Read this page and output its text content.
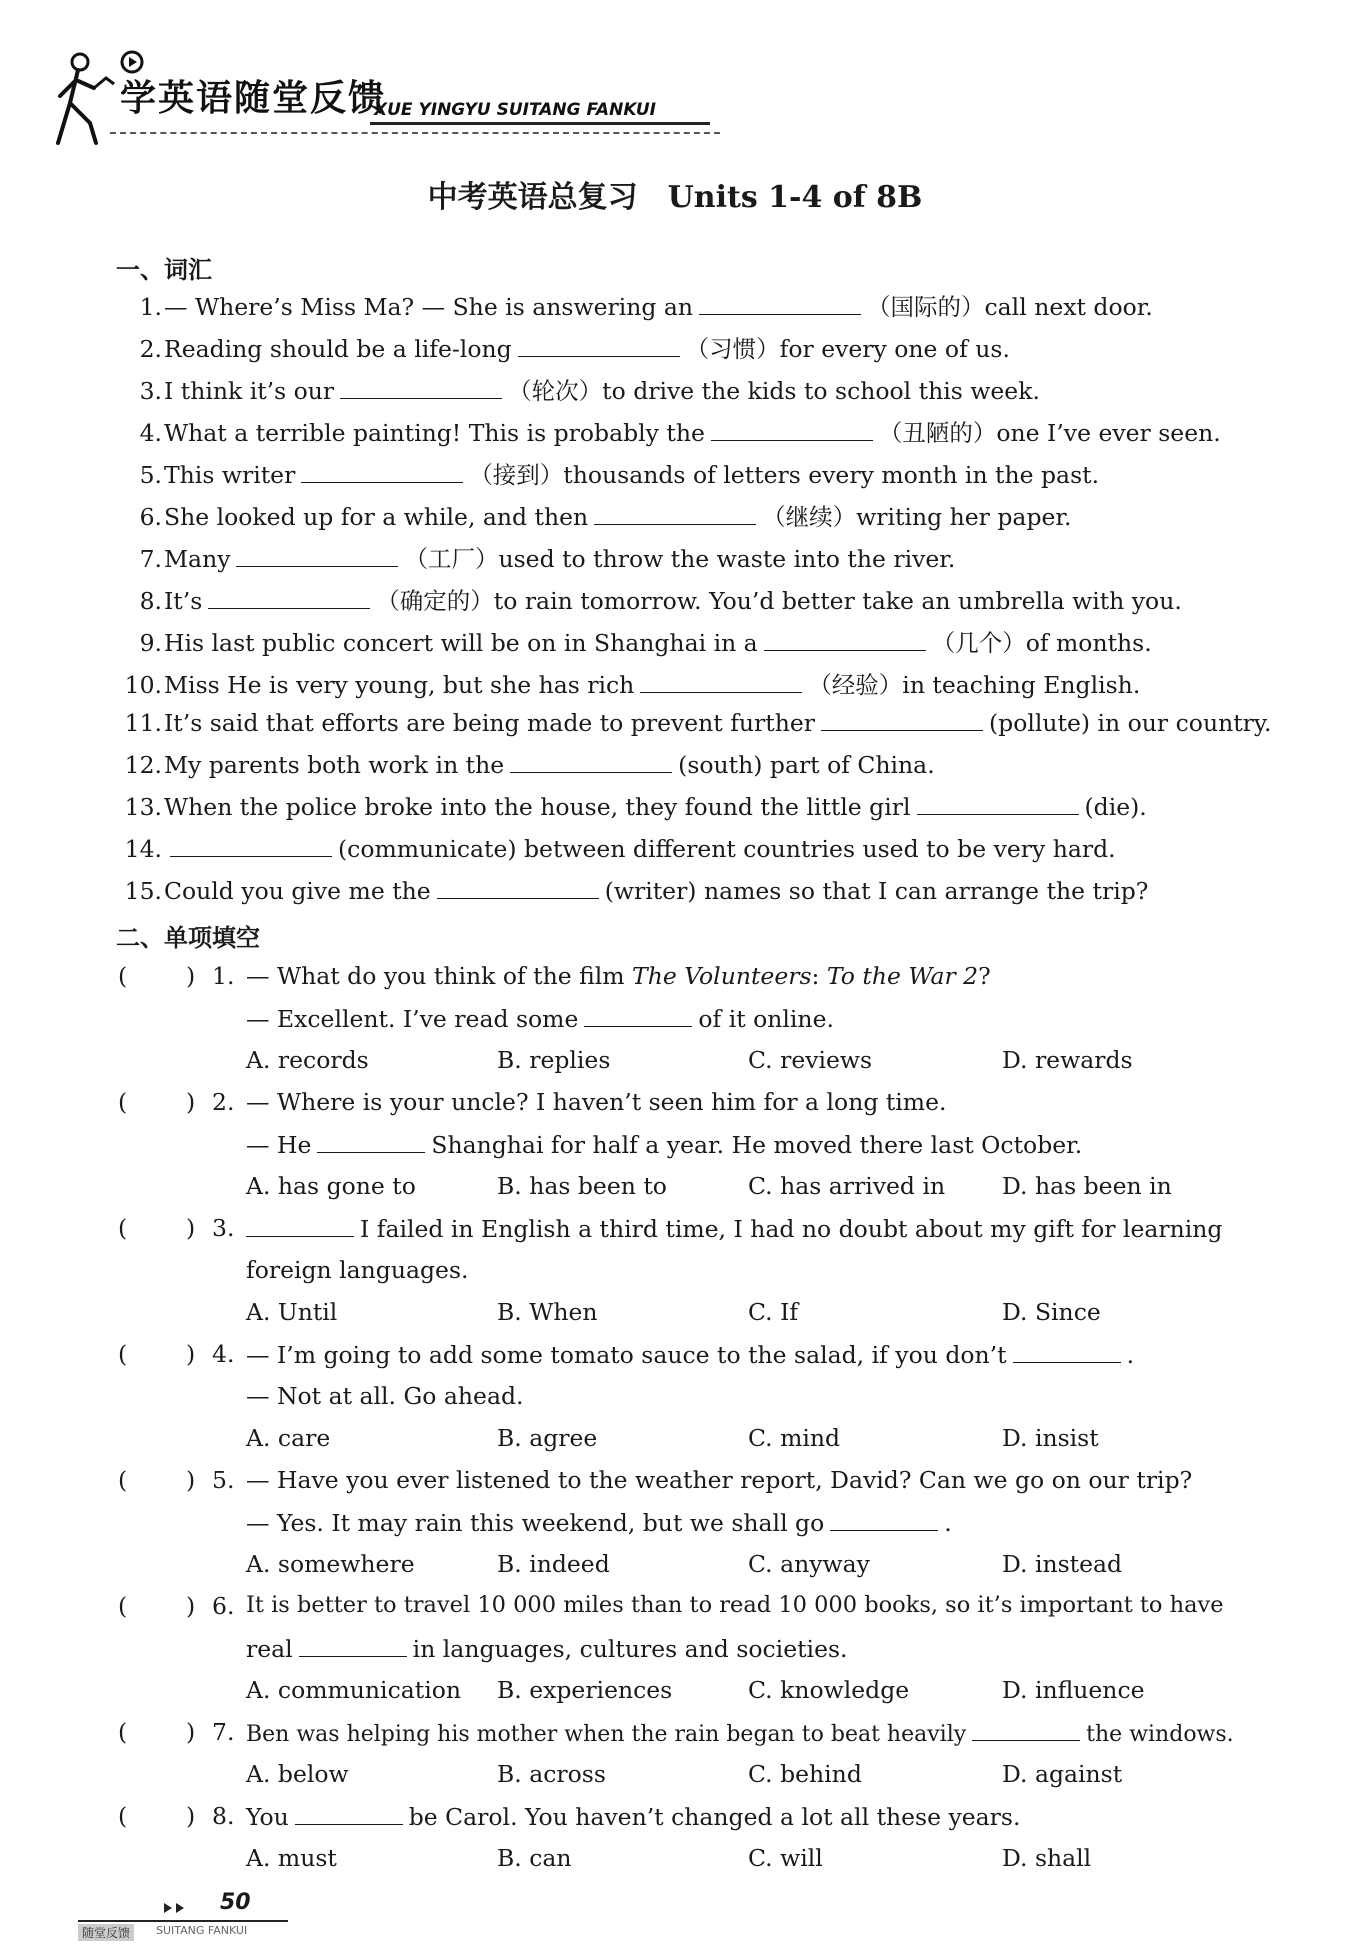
学英语随堂反馈
XUE YINGYU SUITANG FANKUI
中考英语总复习　Units 1-4 of 8B
一、词汇
1.— Where’s Miss Ma? — She is answering an	（国际的）call next door.
2.Reading should be a life-long	（习惯）for every one of us.
3.I think it’s our	（轮次）to drive the kids to school this week.
4.What a terrible painting! This is probably the	（丑陋的）one I’ve ever seen.
5.This writer	（接到）thousands of letters every month in the past.
6.She looked up for a while, and then	（继续）writing her paper.
7.Many	（工厂）used to throw the waste into the river.
8.It’s	（确定的）to rain tomorrow. You’d better take an umbrella with you.
9.His last public concert will be on in Shanghai in a	（几个）of months.
10.Miss He is very young, but she has rich	（经验）in teaching English.
11.It’s said that efforts are being made to prevent further	(pollute) in our country.
12.My parents both work in the	(south) part of China.
13.When the police broke into the house, they found the little girl	(die).
14.	(communicate) between different countries used to be very hard.
15.Could you give me the	(writer) names so that I can arrange the trip?
二、单项填空
(	) 1. — What do you think of the film The Volunteers: To the War 2?
— Excellent. I’ve read some	of it online.
A. records	B. replies	C. reviews	D. rewards
(	) 2. — Where is your uncle? I haven’t seen him for a long time.
— He	Shanghai for half a year. He moved there last October.
A. has gone to	B. has been to	C. has arrived in D. has been in
(	) 3.	I failed in English a third time, I had no doubt about my gift for learning
foreign languages.
A. Until	B. When	C. If	D. Since
(	) 4. — I’m going to add some tomato sauce to the salad, if you don’t	.
— Not at all. Go ahead.
A. care	B. agree	C. mind	D. insist
(	) 5. — Have you ever listened to the weather report, David? Can we go on our trip?
— Yes. It may rain this weekend, but we shall go	.
A. somewhere	B. indeed	C. anyway	D. instead
(	) 6. It is better to travel 10 000 miles than to read 10 000 books, so it’s important to have
real	in languages, cultures and societies.
A. communication B. experiences	C. knowledge	D. influence
(	) 7. Ben was helping his mother when the rain began to beat heavily	the windows.
A. below	B. across	C. behind	D. against
(	) 8. You	be Carol. You haven’t changed a lot all these years.
A. must	B. can	C. will	D. shall
50
随堂反馈	SUITANG FANKUI
